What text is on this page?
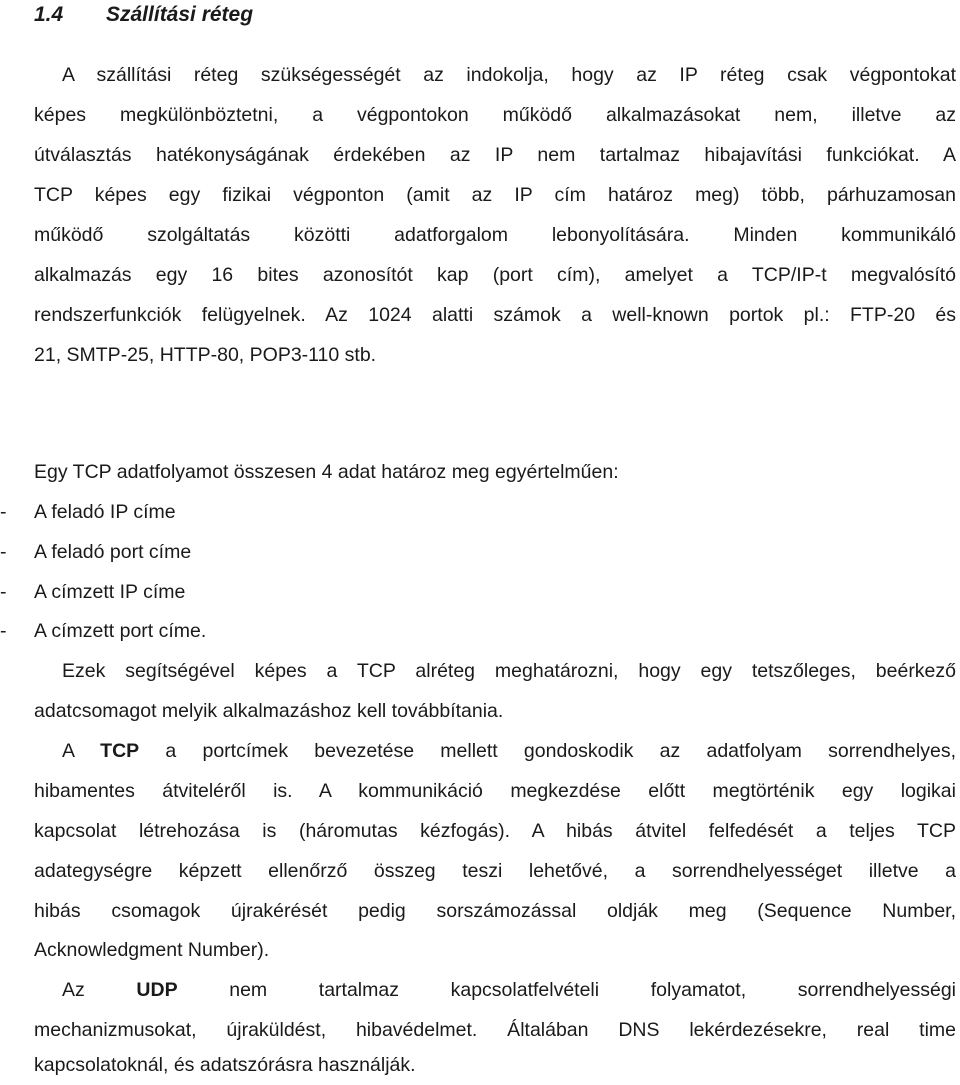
1.4 Szállítási réteg

A szállítási réteg szükségességét az indokolja, hogy az IP réteg csak végpontokat

képes megkülönböztetni, a végpontokon működő alkalmazásokat nem, illetve az

útválasztás hatékonyságának érdekében az IP nem tartalmaz hibajavítási funkciókat. A

TCP képes egy fizikai végponton (amit az IP cím határoz meg) több, párhuzamosan

működő szolgáltatás közötti adatforgalom lebonyolítására. Minden kommunikáló

alkalmazás egy 16 bites azonosítót kap (port cím), amelyet a TCP/IP-t megvalósító

rendszerfunkciók felügyelnek. Az 1024 alatti számok a well-known portok pl.: FTP-20 és

21, SMTP-25, HTTP-80, POP3-110 stb.

Egy TCP adatfolyamot összesen 4 adat határoz meg egyértelműen:

- A feladó IP címe

- A feladó port címe

- A címzett IP címe

- A címzett port címe.

Ezek segítségével képes a TCP alréteg meghatározni, hogy egy tetszőleges, beérkező

adatcsomagot melyik alkalmazáshoz kell továbbítania.

A TCP a portcímek bevezetése mellett gondoskodik az adatfolyam sorrendhelyes,

hibamentes átviteléről is. A kommunikáció megkezdése előtt megtörténik egy logikai

kapcsolat létrehozása is (háromutas kézfogás). A hibás átvitel felfedését a teljes TCP

adategységre képzett ellenőrző összeg teszi lehetővé, a sorrendhelyességet illetve a

hibás csomagok újrakérését pedig sorszámozással oldják meg (Sequence Number,

Acknowledgment Number).

Az	UDP	nem tartalmaz kapcsolatfelvételi folyamatot, sorrendhelyességi

mechanizmusokat, újraküldést, hibavédelmet. Általában DNS lekérdezésekre, real time

kapcsolatoknál, és adatszórásra használják.
